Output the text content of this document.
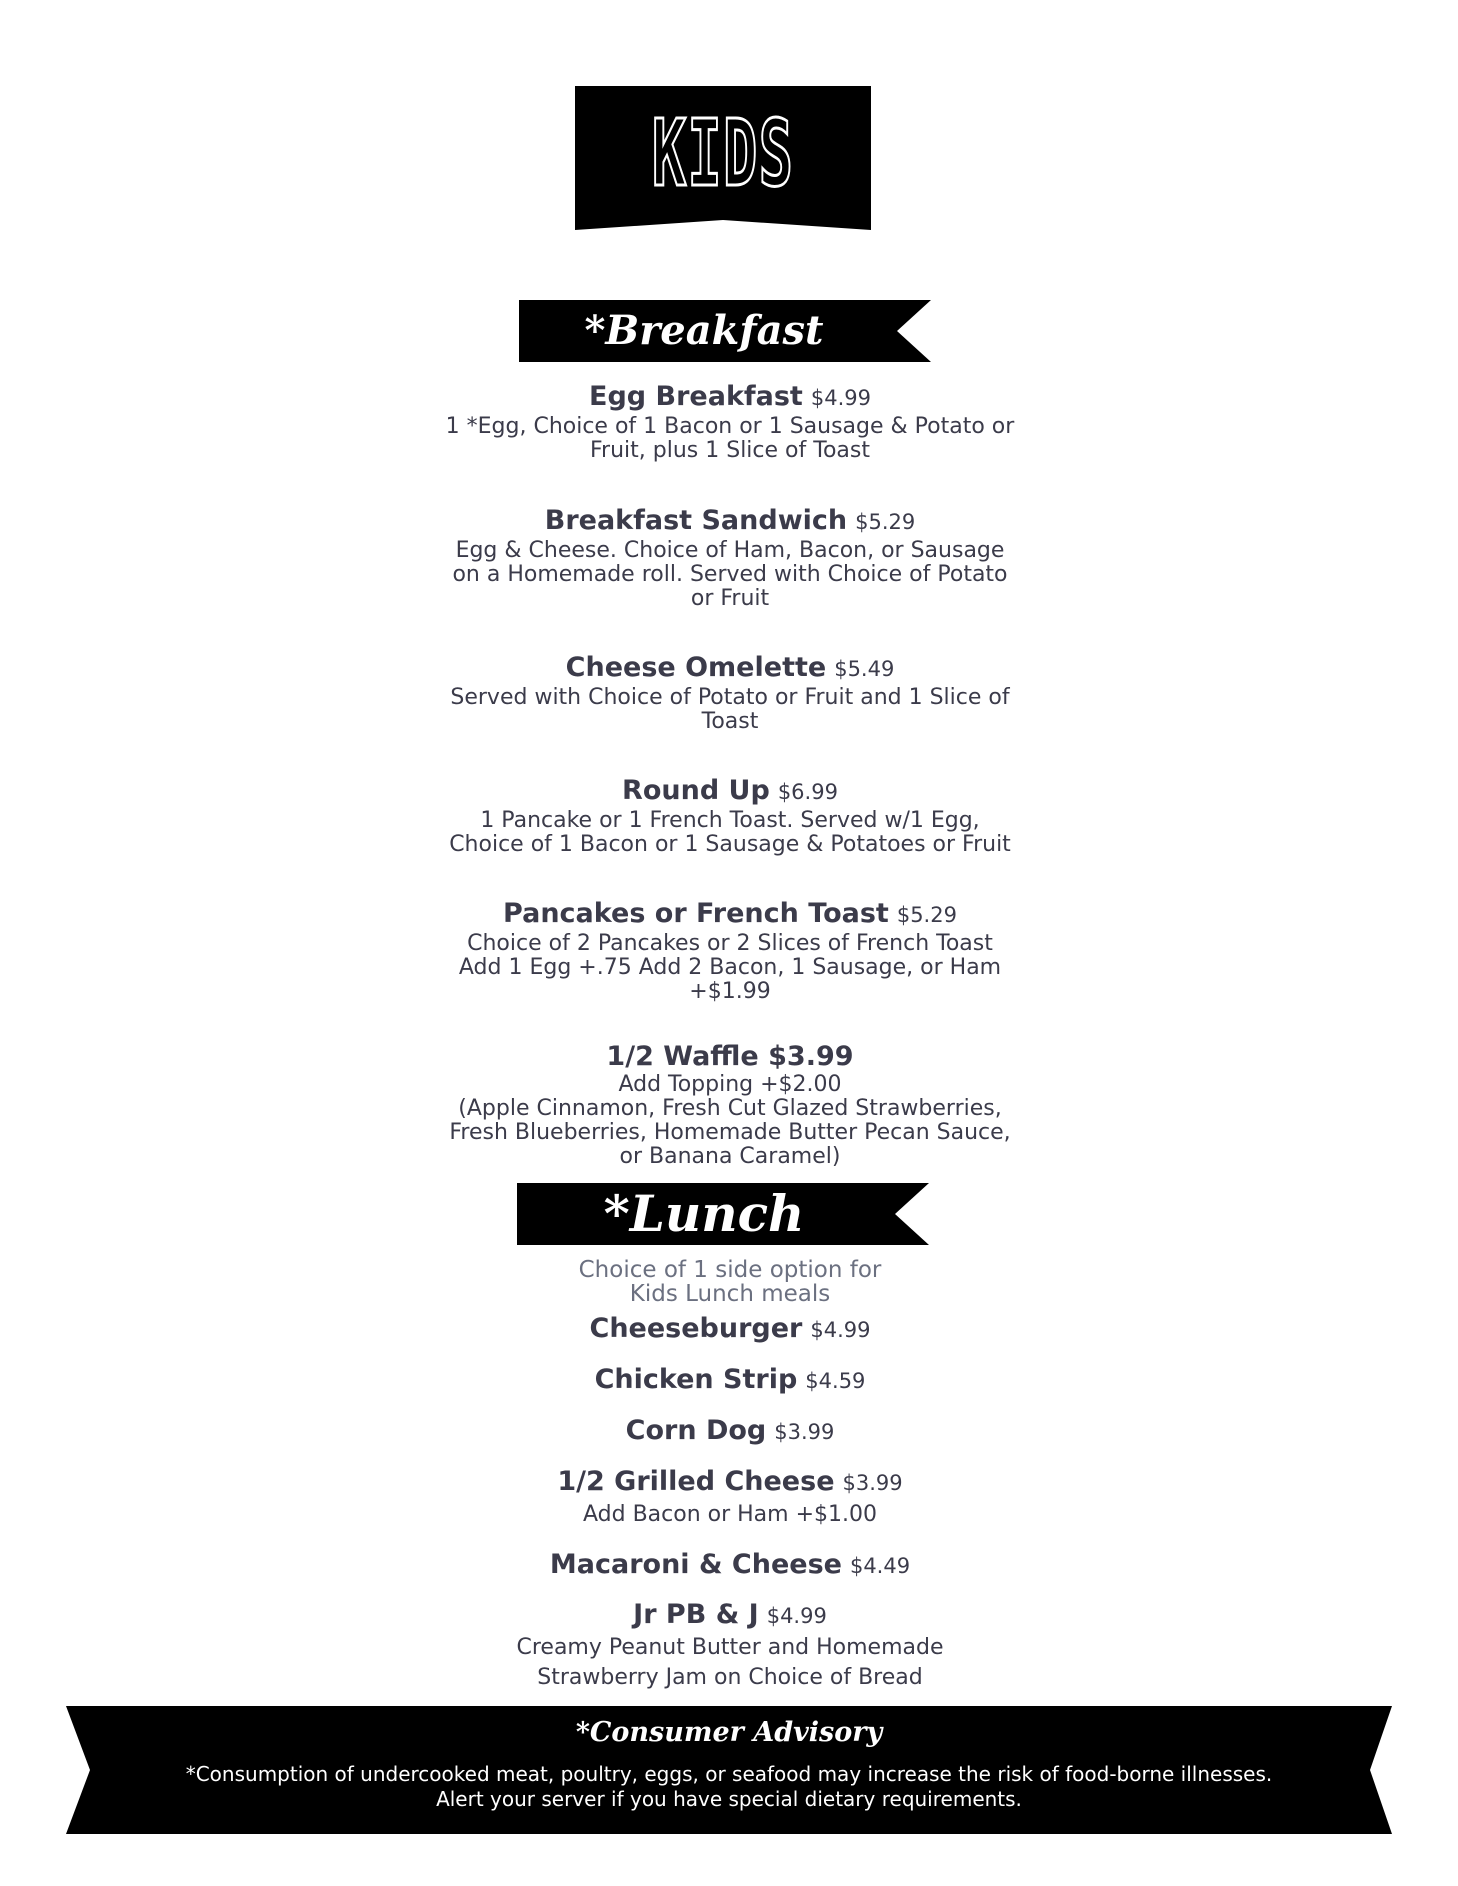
KIDS
*Breakfast
Egg Breakfast $4.99
1 *Egg, Choice of 1 Bacon or 1 Sausage & Potato or
Fruit, plus 1 Slice of Toast
Breakfast Sandwich $5.29
Egg & Cheese. Choice of Ham, Bacon, or Sausage
on a Homemade roll. Served with Choice of Potato
or Fruit
Cheese Omelette $5.49
Served with Choice of Potato or Fruit and 1 Slice of
Toast
Round Up $6.99
1 Pancake or 1 French Toast. Served w/1 Egg,
Choice of 1 Bacon or 1 Sausage & Potatoes or Fruit
Pancakes or French Toast $5.29
Choice of 2 Pancakes or 2 Slices of French Toast
Add 1 Egg +.75 Add 2 Bacon, 1 Sausage, or Ham
+$1.99
1/2 Waffle $3.99
Add Topping +$2.00
(Apple Cinnamon, Fresh Cut Glazed Strawberries,
Fresh Blueberries, Homemade Butter Pecan Sauce,
or Banana Caramel)
*Lunch
Choice of 1 side option for
Kids Lunch meals
Cheeseburger $4.99
Chicken Strip $4.59
Corn Dog $3.99
1/2 Grilled Cheese $3.99
Add Bacon or Ham +$1.00
Macaroni & Cheese $4.49
Jr PB & J $4.99
Creamy Peanut Butter and Homemade
Strawberry Jam on Choice of Bread
*Consumer Advisory
*Consumption of undercooked meat, poultry, eggs, or seafood may increase the risk of food-borne illnesses.
Alert your server if you have special dietary requirements.
